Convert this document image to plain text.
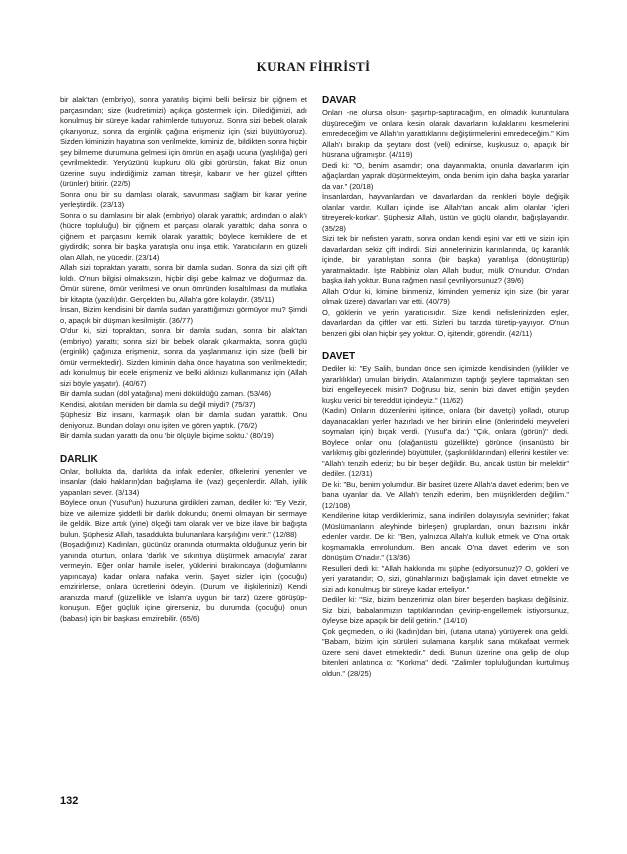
KURAN FİHRİSTİ

bir alak'tan (embriyo), sonra yaratılış biçimi belli belirsiz bir çiğnem et parçasından; size (kudretimizi) açıkça göstermek için. Dilediğimizi, adı konulmuş bir süreye kadar rahimlerde tutuyoruz. Sonra sizi bebek olarak çıkarıyoruz, sonra da erginlik çağına erişmeniz için (sizi büyütüyoruz). Sizden kiminizin hayatına son verilmekte, kiminiz de, bildikten sonra hiçbir şey bilmeme durumuna gelmesi için ömrün en aşağı ucuna (yaşlılığa) geri çevrilmektedir. Yeryüzünü kupkuru ölü gibi görürsün, fakat Biz onun üzerine suyu indirdiğimiz zaman titreşir, kabarır ve her güzel çiftten (ürünler) bitirir. (22/5)

Sonra onu bir su damlası olarak, savunması sağlam bir karar yerine yerleştirdik. (23/13)

Sonra o su damlasını bir alak (embriyo) olarak yarattık; ardından o alak'ı (hücre topluluğu) bir çiğnem et parçası olarak yarattık; daha sonra o çiğnem et parçasını kemik olarak yarattık; böylece kemiklere de et giydirdik; sonra bir başka yaratışla onu inşa ettik. Yaratıcıların en güzeli olan Allah, ne yücedir. (23/14)

Allah sizi topraktan yarattı, sonra bir damla sudan. Sonra da sizi çift çift kıldı. O'nun bilgisi olmaksızın, hiçbir dişi gebe kalmaz ve doğurmaz da. Ömür sürene, ömür verilmesi ve onun ömründen kısaltılması da mutlaka bir kitapta (yazılı)dır. Gerçekten bu, Allah'a göre kolaydır. (35/11)

İnsan, Bizim kendisini bir damla sudan yarattığımızı görmüyor mu? Şimdi o, apaçık bir düşman kesilmiştir. (36/77)

O'dur ki, sizi topraktan, sonra bir damla sudan, sonra bir alak'tan (embriyo) yarattı; sonra sizi bir bebek olarak çıkarmakta, sonra güçlü (erginlik) çağınıza erişmeniz, sonra da yaşlanmanız için size (belli bir ömür vermektedir). Sizden kiminin daha önce hayatına son verilmektedir; adı konulmuş bir ecele erişmeniz ve belki aklınızı kullanmanız için (Allah sizi böyle yaşatır). (40/67)

Bir damla sudan (döl yatağına) meni döküldüğü zaman. (53/46)

Kendisi, akıtılan meniden bir damla su değil miydi? (75/37)

Şüphesiz Biz insanı, karmaşık olan bir damla sudan yarattık. Onu deniyoruz. Bundan dolayı onu işiten ve gören yaptık. (76/2)

Bir damla sudan yarattı da onu 'bir ölçüyle biçime soktu.' (80/19)

DARLIK

Onlar, bollukta da, darlıkta da infak edenler, öfkelerini yenenler ve insanlar (daki hakların)dan bağışlama ile (vaz) geçenlerdir. Allah, iyilik yapanları sever. (3/134)

Böylece onun (Yusuf'un) huzuruna girdikleri zaman, dediler ki: "Ey Vezir, bize ve ailemize şiddetli bir darlık dokundu; önemi olmayan bir sermaye ile geldik. Bize artık (yine) ölçeği tam olarak ver ve bize ilave bir bağışta bulun. Şüphesiz Allah, tasaddukta bulunanlara karşılığını verir." (12/88)

(Boşadığınız) Kadınları, gücünüz oranında oturmakta olduğunuz yerin bir yanında oturtun, onlara 'darlık ve sıkıntıya düşürmek amacıyla' zarar vermeyin. Eğer onlar hamile iseler, yüklerini bırakıncaya (doğumlarını yapıncaya) kadar onlara nafaka verin. Şayet sizler için (çocuğu) emzirirlerse, onlara ücretlerini ödeyin. (Durum ve ilişkilerinizi) Kendi aranızda maruf (güzellikle ve İslam'a uygun bir tarz) üzere görüşüp-konuşun. Eğer güçlük içine girerseniz, bu durumda (çocuğu) onun (babası) için bir başkası emzirebilir. (65/6)

DAVAR

Onları -ne olursa olsun- şaşırtıp-saptıracağım, en olmadık kuruntulara düşüreceğim ve onlara kesin olarak davarların kulaklarını kesmelerini emredeceğim ve Allah'ın yarattıklarını değiştirmelerini emredeceğim." Kim Allah'ı bırakıp da şeytanı dost (veli) edinirse, kuşkusuz o, apaçık bir hüsrana uğramıştır. (4/119)

Dedi ki: "O, benim asamdır; ona dayanmakta, onunla davarlarım için ağaçlardan yaprak düşürmekteyim, onda benim için daha başka yararlar da var." (20/18)

İnsanlardan, hayvanlardan ve davarlardan da renkleri böyle değişik olanlar vardır. Kulları içinde ise Allah'tan ancak alim olanlar 'içleri titreyerek-korkar'. Şüphesiz Allah, üstün ve güçlü olandır, bağışlayandır. (35/28)

Sizi tek bir nefisten yarattı, sonra ondan kendi eşini var etti ve sizin için davarlardan sekiz çift indirdi. Sizi annelerinizin karınlarında, üç karanlık içinde, bir yaratılıştan sonra (bir başka) yaratılışa (dönüştürüp) yaratmaktadır. İşte Rabbiniz olan Allah budur, mülk O'nundur. O'ndan başka ilah yoktur. Buna rağmen nasıl çevriliyorsunuz? (39/6)

Allah O'dur ki, kimine binmeniz, kiminden yemeniz için size (bir yarar olmak üzere) davarları var etti. (40/79)

O, göklerin ve yerin yaratıcısıdır. Size kendi nefislerinizden eşler, davarlardan da çiftler var etti. Sizleri bu tarzda türetip-yayıyor. O'nun benzeri gibi olan hiçbir şey yoktur. O, işitendir, görendir. (42/11)

DAVET

Dediler ki: "Ey Salih, bundan önce sen içimizde kendisinden (iyilikler ve yararlılıklar) umulan biriydin. Atalarımızın taptığı şeylere tapmaktan sen bizi engelleyecek misin? Doğrusu biz, senin bizi davet ettiğin şeyden kuşku verici bir tereddüt içindeyiz." (11/62)

(Kadın) Onların düzenlerini işitince, onlara (bir davetçi) yolladı, oturup dayanacakları yerler hazırladı ve her birinin eline (önlerindeki meyveleri soymaları için) bıçak verdi. (Yusuf'a da:) "Çık, onlara (görün)" dedi. Böylece onlar onu (olağanüstü güzellikte) görünce (insanüstü bir varlıkmış gibi gözlerinde) büyüttüler, (şaşkınlıklarından) ellerini kestiler ve: "Allah'ı tenzih ederiz; bu bir beşer değildir. Bu, ancak üstün bir melektir" dediler. (12/31)

De ki: "Bu, benim yolumdur. Bir basiret üzere Allah'a davet ederim; ben ve bana uyanlar da. Ve Allah'ı tenzih ederim, ben müşriklerden değilim." (12/108)

Kendilerine kitap verdiklerimiz, sana indirilen dolayısıyla sevinirler; fakat (Müslümanların aleyhinde birleşen) gruplardan, onun bazısını inkâr edenler vardır. De ki: "Ben, yalnızca Allah'a kulluk etmek ve O'na ortak koşmamakla emrolundum. Ben ancak O'na davet ederim ve son dönüşüm O'nadır." (13/36)

Resulleri dedi ki: "Allah hakkında mı şüphe (ediyorsunuz)? O, gökleri ve yeri yaratandır; O, sizi, günahlarınızı bağışlamak için davet etmekte ve sizi adı konulmuş bir süreye kadar erteliyor."

Dediler ki: "Siz, bizim benzerimiz olan birer beşerden başkası değilsiniz. Siz bizi, babalarımızın taptıklarından çevirip-engellemek istiyorsunuz, öyleyse bize apaçık bir delil getirin." (14/10)

Çok geçmeden, o iki (kadın)dan biri, (utana utana) yürüyerek ona geldi. "Babam, bizim için sürüleri sulamana karşılık sana mükafaat vermek üzere seni davet etmektedir." dedi. Bunun üzerine ona gelip de olup bitenleri anlatınca o: "Korkma" dedi. "Zalimler topluluğundan kurtulmuş oldun." (28/25)

132
